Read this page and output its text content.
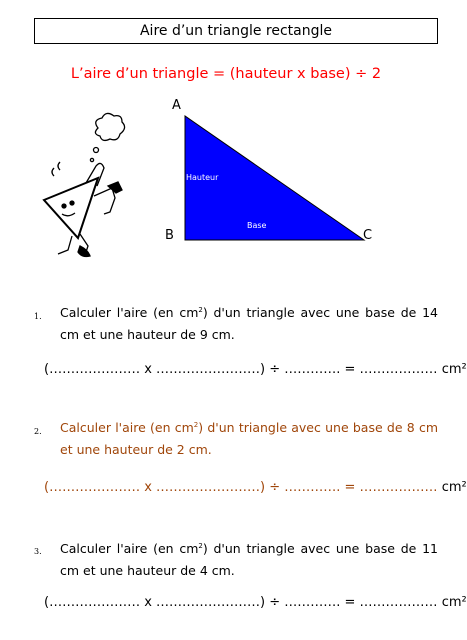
Aire d’un triangle rectangle
L’aire d’un triangle = (hauteur x base) ÷ 2
A
B	C
Hauteur
Base
1. Calculer l'aire (en $cm^2$) d'un triangle avec une base de 14 cm et une hauteur de 9 cm.
(………………… x ……………………) ÷ …………. = ……………… cm²
2. Calculer l'aire (en $cm^2$) d'un triangle avec une base de 8 cm et une hauteur de 2 cm.
(………………… x ……………………) ÷ …………. = ……………… cm²
3. Calculer l'aire (en $cm^2$) d'un triangle avec une base de 11 cm et une hauteur de 4 cm.
(………………… x ……………………) ÷ …………. = ……………… cm²
